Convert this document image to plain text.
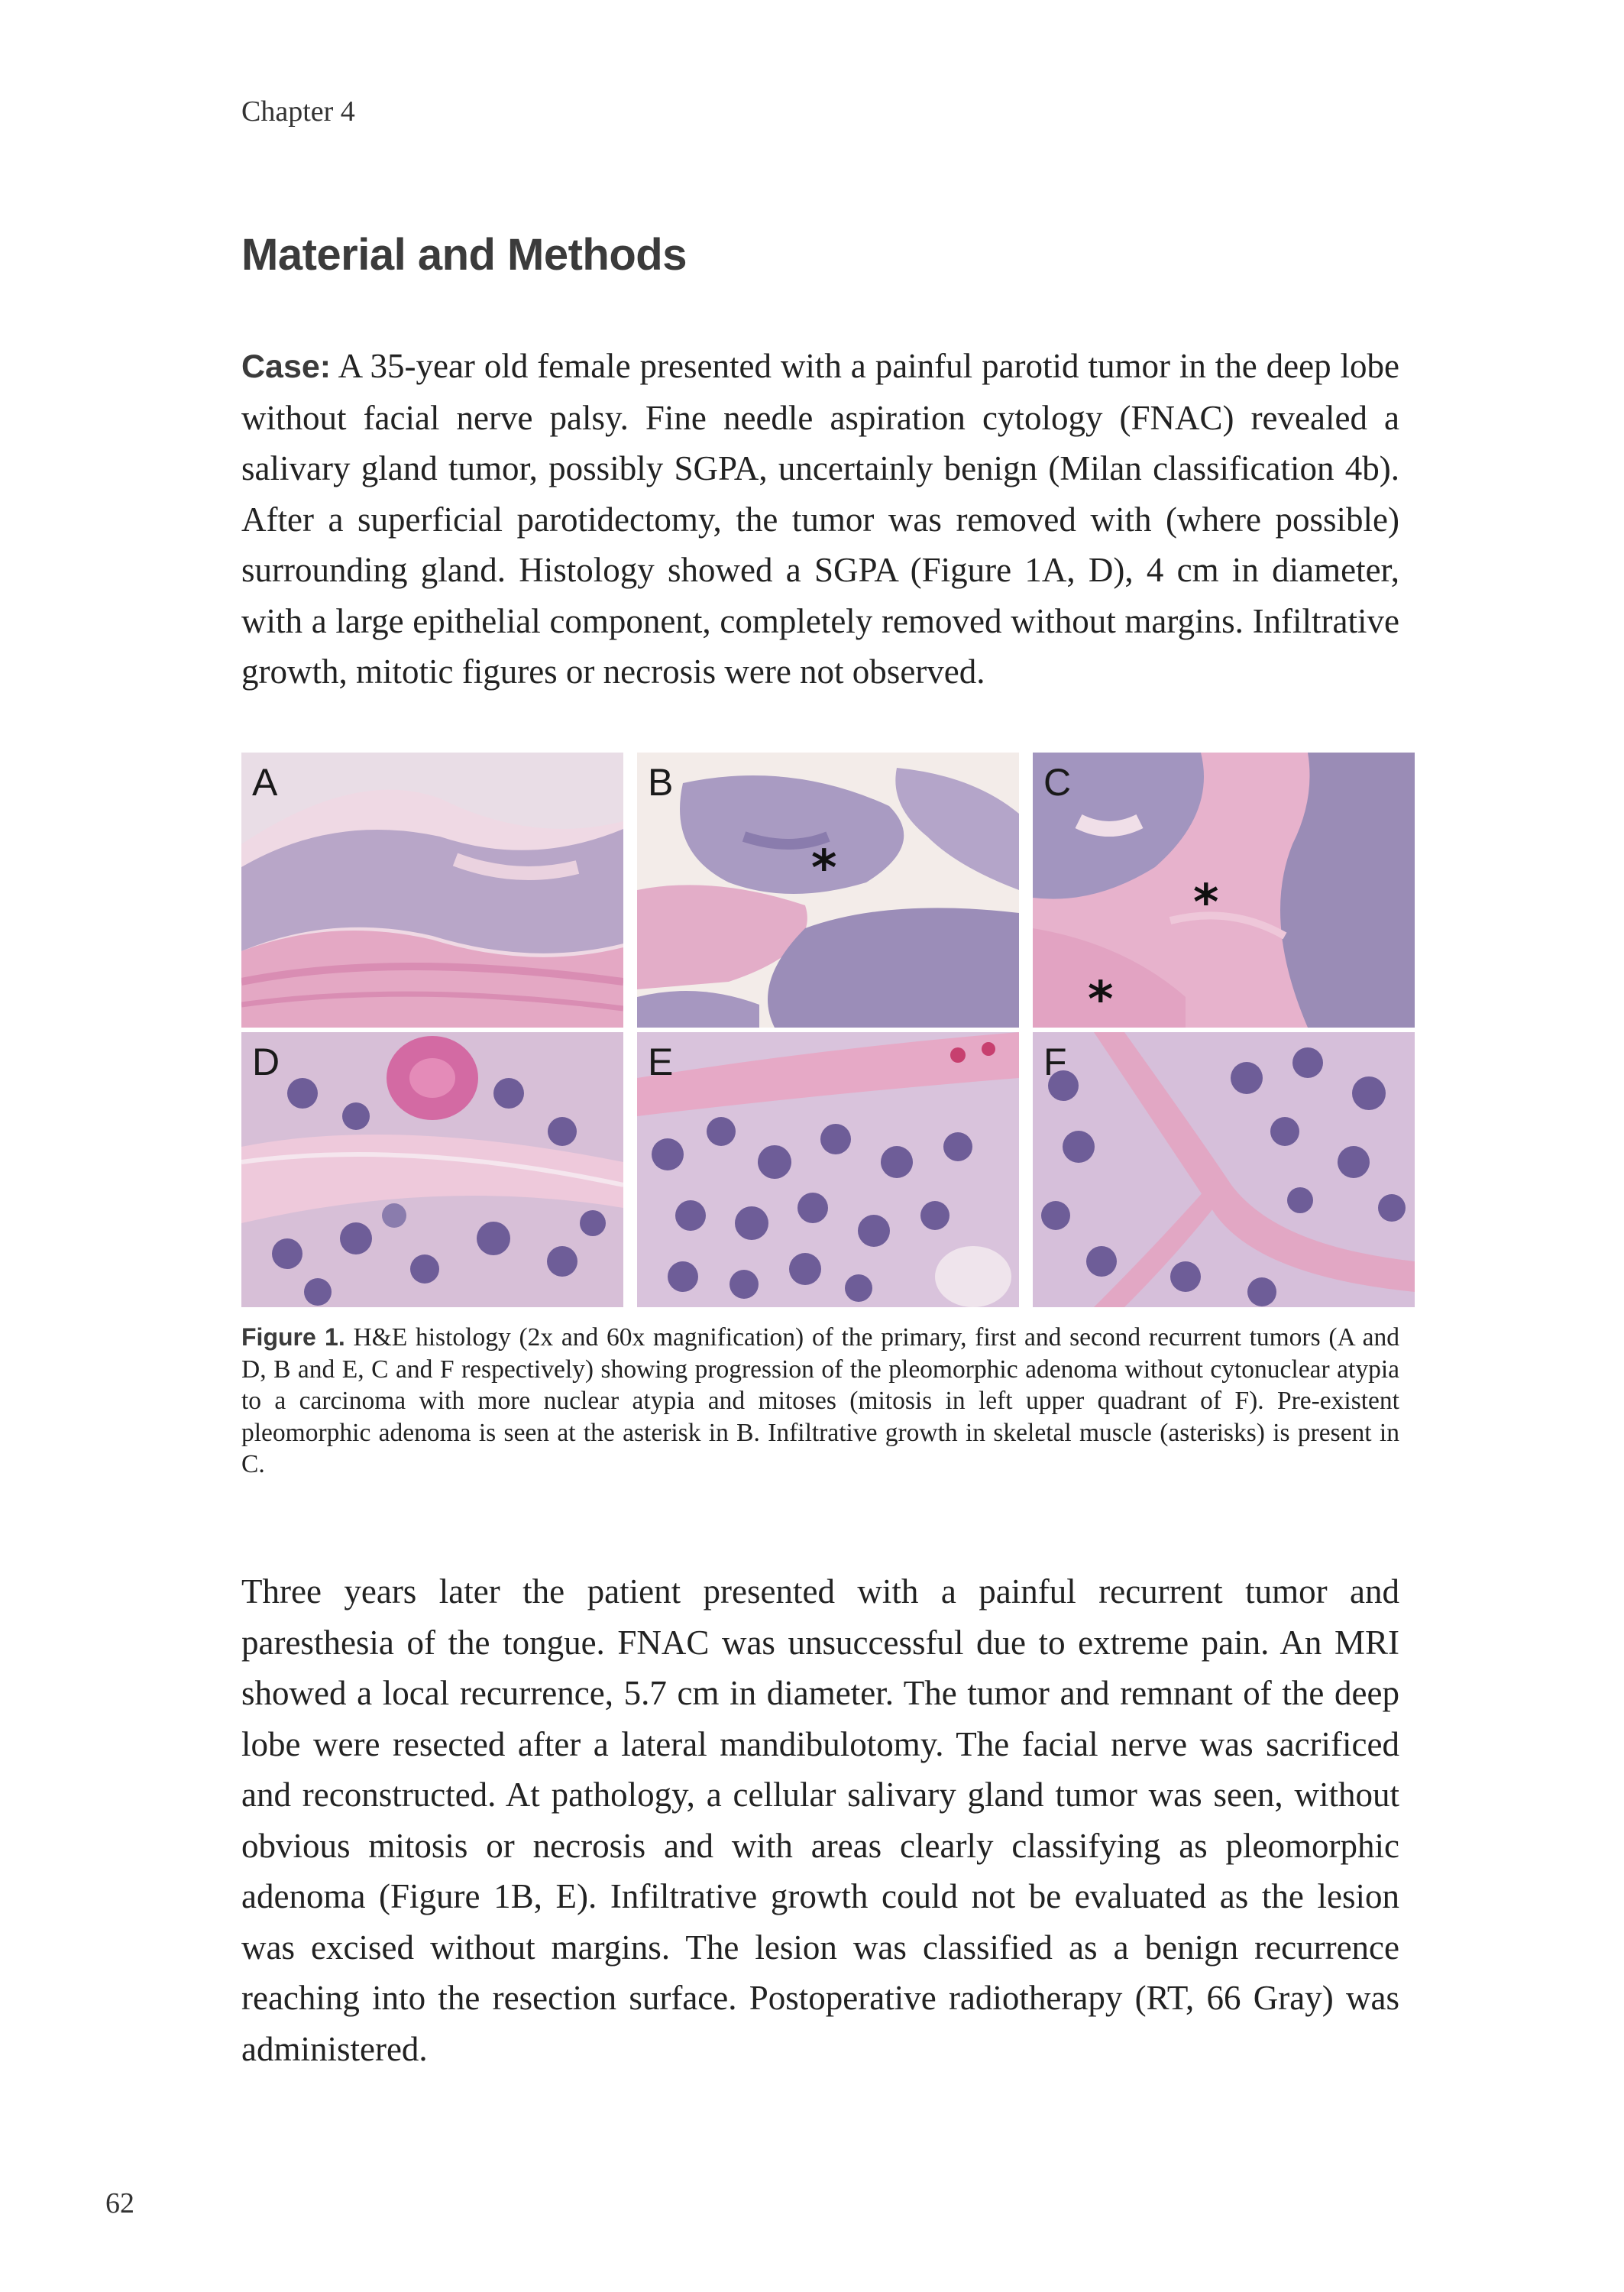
Chapter 4
Material and Methods

Case: A 35-year old female presented with a painful parotid tumor in the deep lobe without facial nerve palsy. Fine needle aspiration cytology (FNAC) revealed a salivary gland tumor, possibly SGPA, uncertainly benign (Milan classification 4b). After a superficial parotidectomy, the tumor was removed with (where possible) surrounding gland. Histology showed a SGPA (Figure 1A, D), 4 cm in diameter, with a large epithelial component, completely removed without margins. Infiltrative growth, mitotic figures or necrosis were not observed.

A	B
*
C
*
*
D	E	F

Figure 1. H&E histology (2x and 60x magnification) of the primary, first and second recurrent tumors (A and D, B and E, C and F respectively) showing progression of the pleomorphic adenoma without cytonuclear atypia to a carcinoma with more nuclear atypia and mitoses (mitosis in left upper quadrant of F). Pre-existent pleomorphic adenoma is seen at the asterisk in B. Infiltrative growth in skeletal muscle (asterisks) is present in C.

Three years later the patient presented with a painful recurrent tumor and paresthesia of the tongue. FNAC was unsuccessful due to extreme pain. An MRI showed a local recurrence, 5.7 cm in diameter. The tumor and remnant of the deep lobe were resected after a lateral mandibulotomy. The facial nerve was sacrificed and reconstructed. At pathology, a cellular salivary gland tumor was seen, without obvious mitosis or necrosis and with areas clearly classifying as pleomorphic adenoma (Figure 1B, E). Infiltrative growth could not be evaluated as the lesion was excised without margins. The lesion was classified as a benign recurrence reaching into the resection surface. Postoperative radiotherapy (RT, 66 Gray) was administered.

62
